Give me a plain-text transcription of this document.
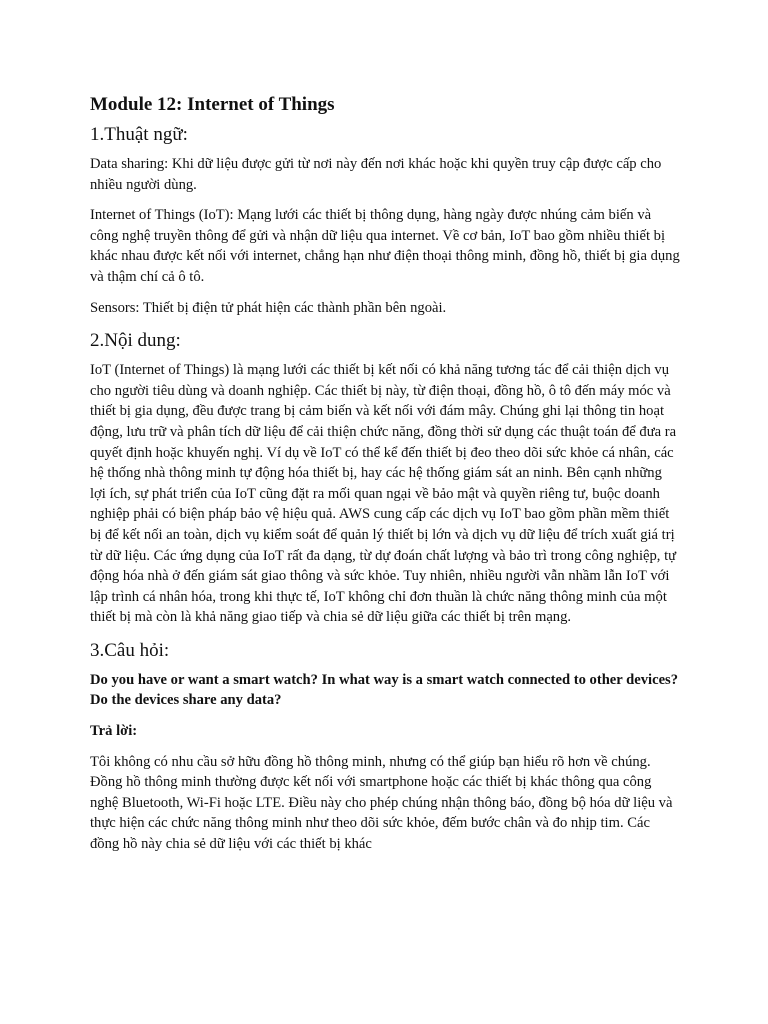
Module 12: Internet of Things
1.Thuật ngữ:

Data sharing: Khi dữ liệu được gửi từ nơi này đến nơi khác hoặc khi quyền truy cập được cấp cho nhiều người dùng.

Internet of Things (IoT): Mạng lưới các thiết bị thông dụng, hàng ngày được nhúng cảm biến và công nghệ truyền thông để gửi và nhận dữ liệu qua internet. Về cơ bản, IoT bao gồm nhiều thiết bị khác nhau được kết nối với internet, chẳng hạn như điện thoại thông minh, đồng hồ, thiết bị gia dụng và thậm chí cả ô tô.

Sensors: Thiết bị điện tử phát hiện các thành phần bên ngoài.

2.Nội dung:

IoT (Internet of Things) là mạng lưới các thiết bị kết nối có khả năng tương tác để cải thiện dịch vụ cho người tiêu dùng và doanh nghiệp. Các thiết bị này, từ điện thoại, đồng hồ, ô tô đến máy móc và thiết bị gia dụng, đều được trang bị cảm biến và kết nối với đám mây. Chúng ghi lại thông tin hoạt động, lưu trữ và phân tích dữ liệu để cải thiện chức năng, đồng thời sử dụng các thuật toán để đưa ra quyết định hoặc khuyến nghị. Ví dụ về IoT có thể kể đến thiết bị đeo theo dõi sức khỏe cá nhân, các hệ thống nhà thông minh tự động hóa thiết bị, hay các hệ thống giám sát an ninh. Bên cạnh những lợi ích, sự phát triển của IoT cũng đặt ra mối quan ngại về bảo mật và quyền riêng tư, buộc doanh nghiệp phải có biện pháp bảo vệ hiệu quả. AWS cung cấp các dịch vụ IoT bao gồm phần mềm thiết bị để kết nối an toàn, dịch vụ kiểm soát để quản lý thiết bị lớn và dịch vụ dữ liệu để trích xuất giá trị từ dữ liệu. Các ứng dụng của IoT rất đa dạng, từ dự đoán chất lượng và bảo trì trong công nghiệp, tự động hóa nhà ở đến giám sát giao thông và sức khỏe. Tuy nhiên, nhiều người vẫn nhầm lẫn IoT với lập trình cá nhân hóa, trong khi thực tế, IoT không chỉ đơn thuần là chức năng thông minh của một thiết bị mà còn là khả năng giao tiếp và chia sẻ dữ liệu giữa các thiết bị trên mạng.

3.Câu hỏi:

Do you have or want a smart watch? In what way is a smart watch connected to other devices? Do the devices share any data?

Trả lời:

Tôi không có nhu cầu sở hữu đồng hồ thông minh, nhưng có thể giúp bạn hiểu rõ hơn về chúng. Đồng hồ thông minh thường được kết nối với smartphone hoặc các thiết bị khác thông qua công nghệ Bluetooth, Wi-Fi hoặc LTE. Điều này cho phép chúng nhận thông báo, đồng bộ hóa dữ liệu và thực hiện các chức năng thông minh như theo dõi sức khỏe, đếm bước chân và đo nhịp tim. Các đồng hồ này chia sẻ dữ liệu với các thiết bị khác
